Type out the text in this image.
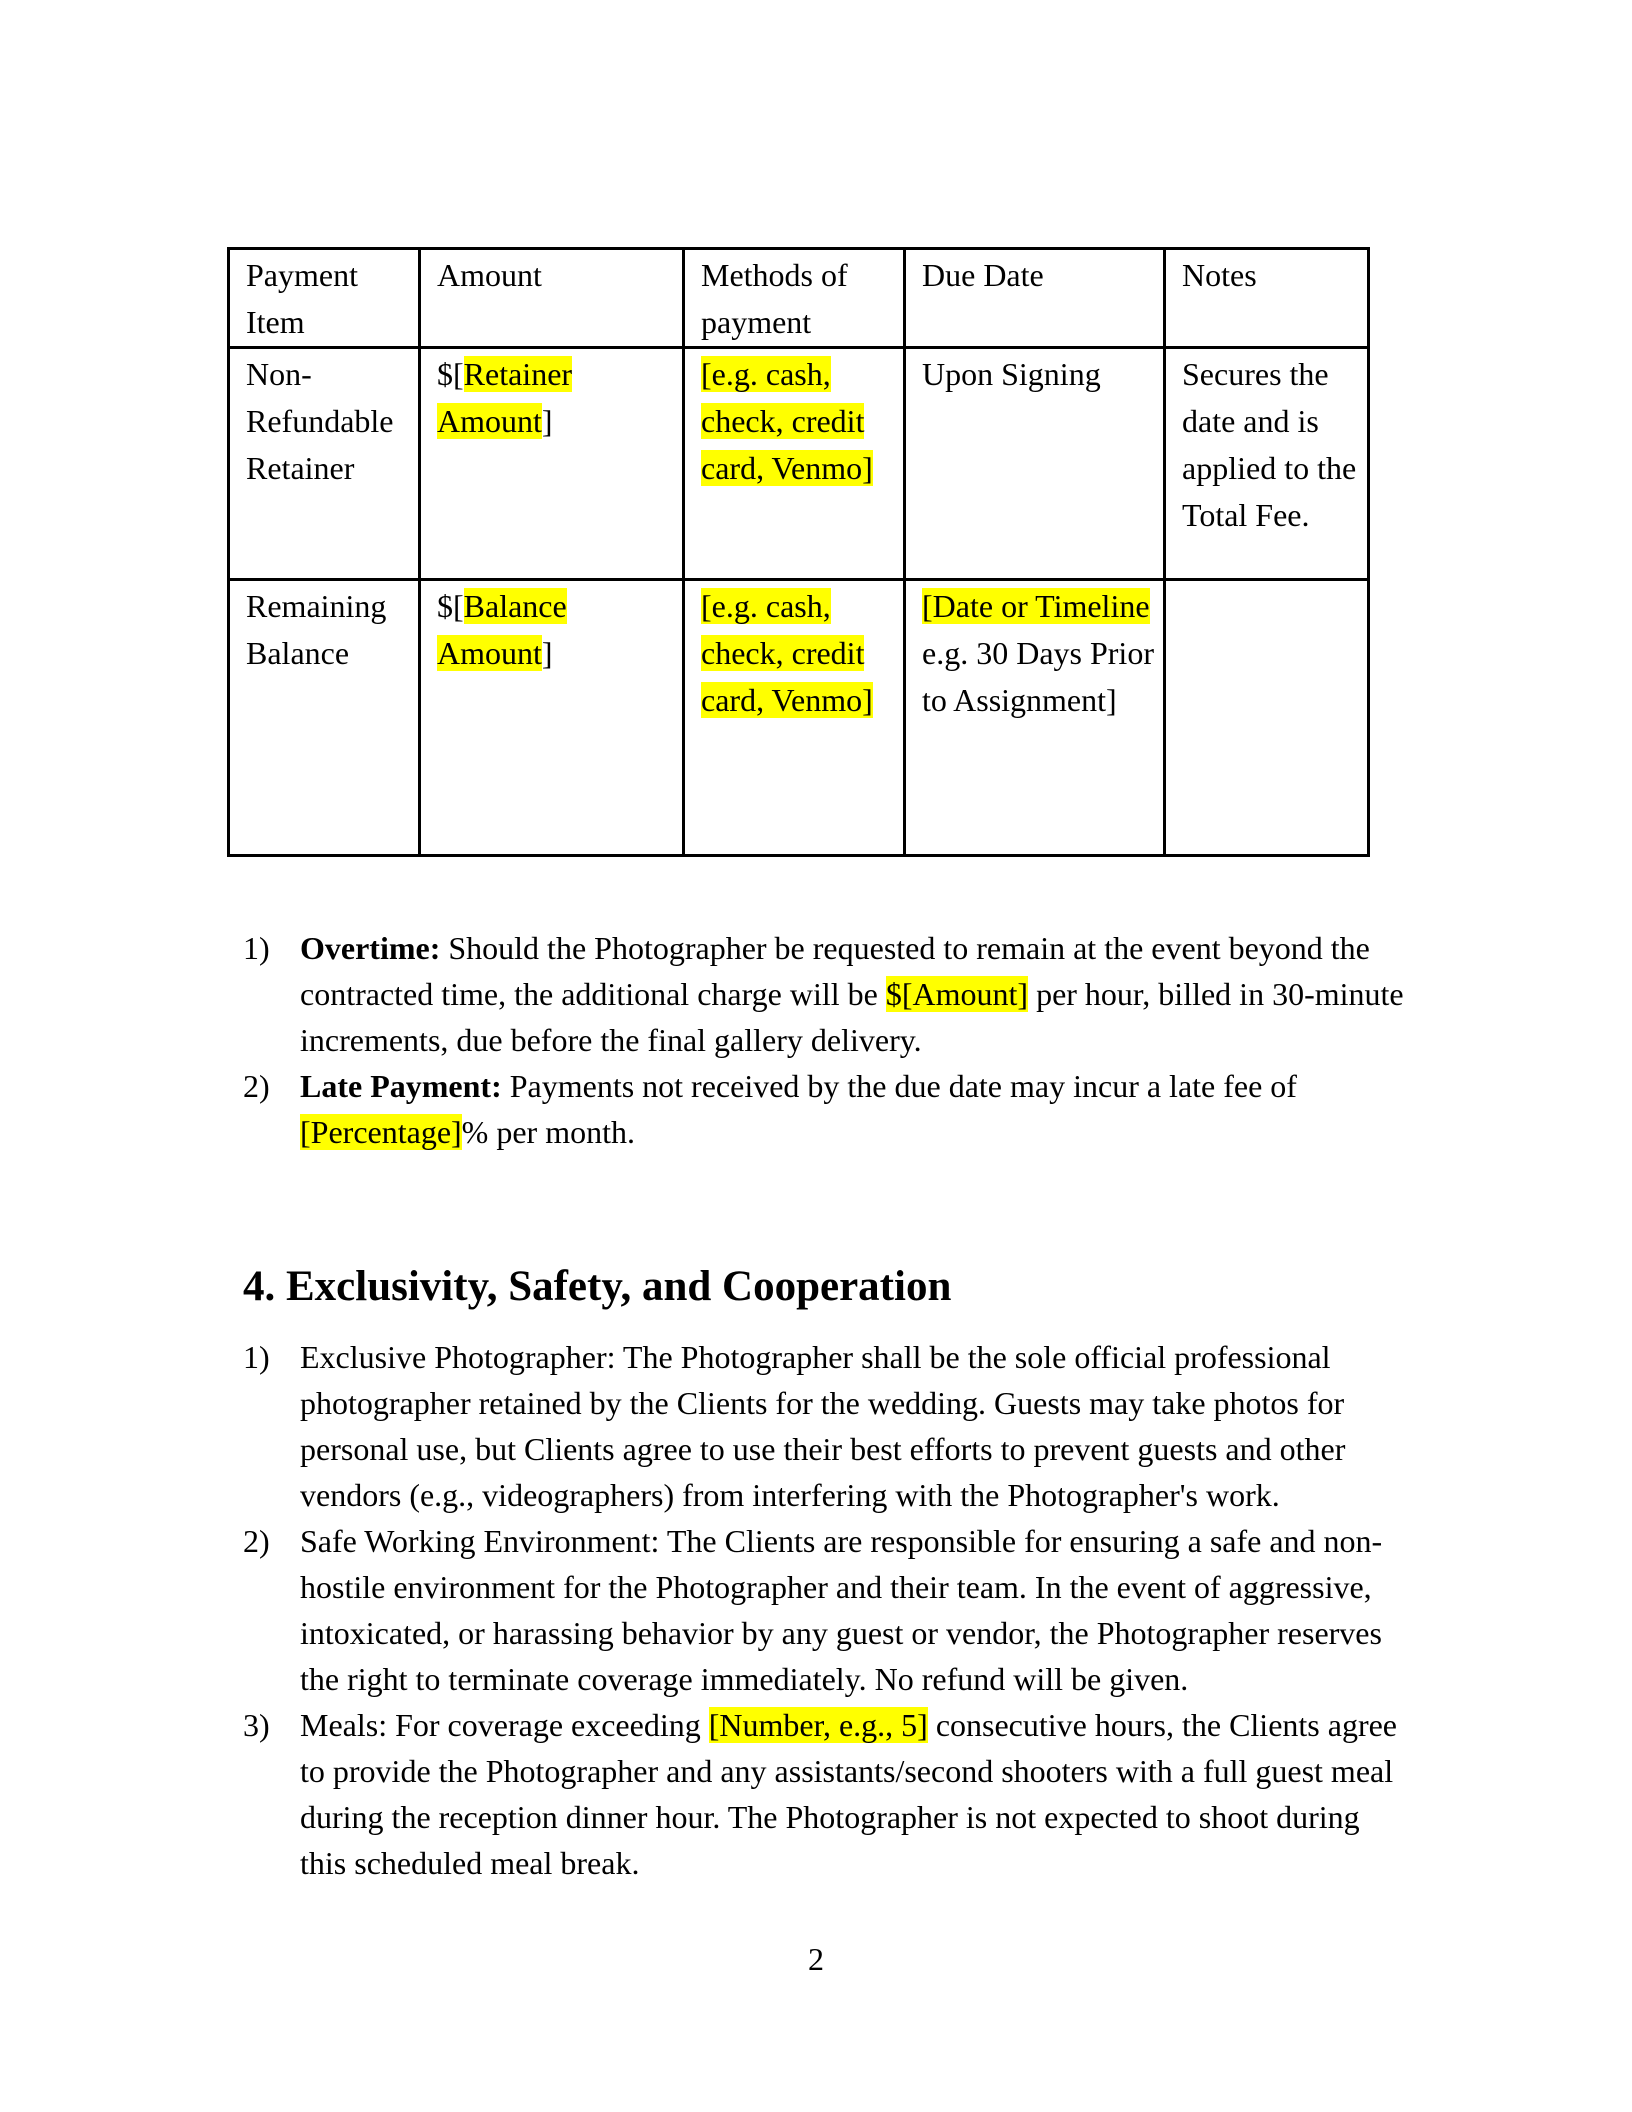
Payment Item	Amount	Methods of payment	Due Date	Notes
Non-Refundable Retainer	$[Retainer Amount]	[e.g. cash, check, credit card, Venmo]	Upon Signing	Secures the date and is applied to the Total Fee.
Remaining Balance	$[Balance Amount]	[e.g. cash, check, credit card, Venmo]	[Date or Timeline e.g. 30 Days Prior to Assignment]	
1) Overtime: Should the Photographer be requested to remain at the event beyond the contracted time, the additional charge will be $[Amount] per hour, billed in 30-minute increments, due before the final gallery delivery.
2) Late Payment: Payments not received by the due date may incur a late fee of [Percentage]% per month.
4. Exclusivity, Safety, and Cooperation
1) Exclusive Photographer: The Photographer shall be the sole official professional photographer retained by the Clients for the wedding. Guests may take photos for personal use, but Clients agree to use their best efforts to prevent guests and other vendors (e.g., videographers) from interfering with the Photographer's work.
2) Safe Working Environment: The Clients are responsible for ensuring a safe and non-hostile environment for the Photographer and their team. In the event of aggressive, intoxicated, or harassing behavior by any guest or vendor, the Photographer reserves the right to terminate coverage immediately. No refund will be given.
3) Meals: For coverage exceeding [Number, e.g., 5] consecutive hours, the Clients agree to provide the Photographer and any assistants/second shooters with a full guest meal during the reception dinner hour. The Photographer is not expected to shoot during this scheduled meal break.
2
